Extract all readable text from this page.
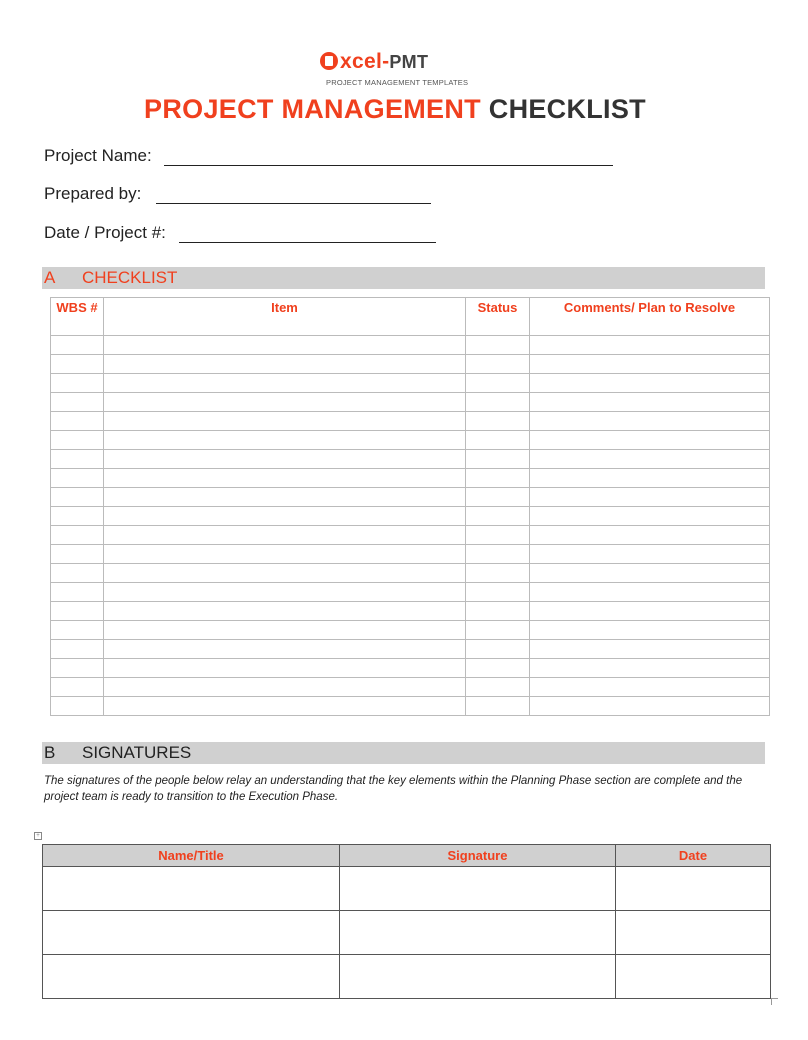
xcel-PMT
PROJECT MANAGEMENT TEMPLATES
PROJECT MANAGEMENT CHECKLIST
Project Name:
Prepared by:
Date / Project #:
A CHECKLIST
WBS #	Item	Status	Comments/ Plan to Resolve

B SIGNATURES
The signatures of the people below relay an understanding that the key elements within the Planning Phase section are complete and the project team is ready to transition to the Execution Phase.
+
Name/Title	Signature	Date
